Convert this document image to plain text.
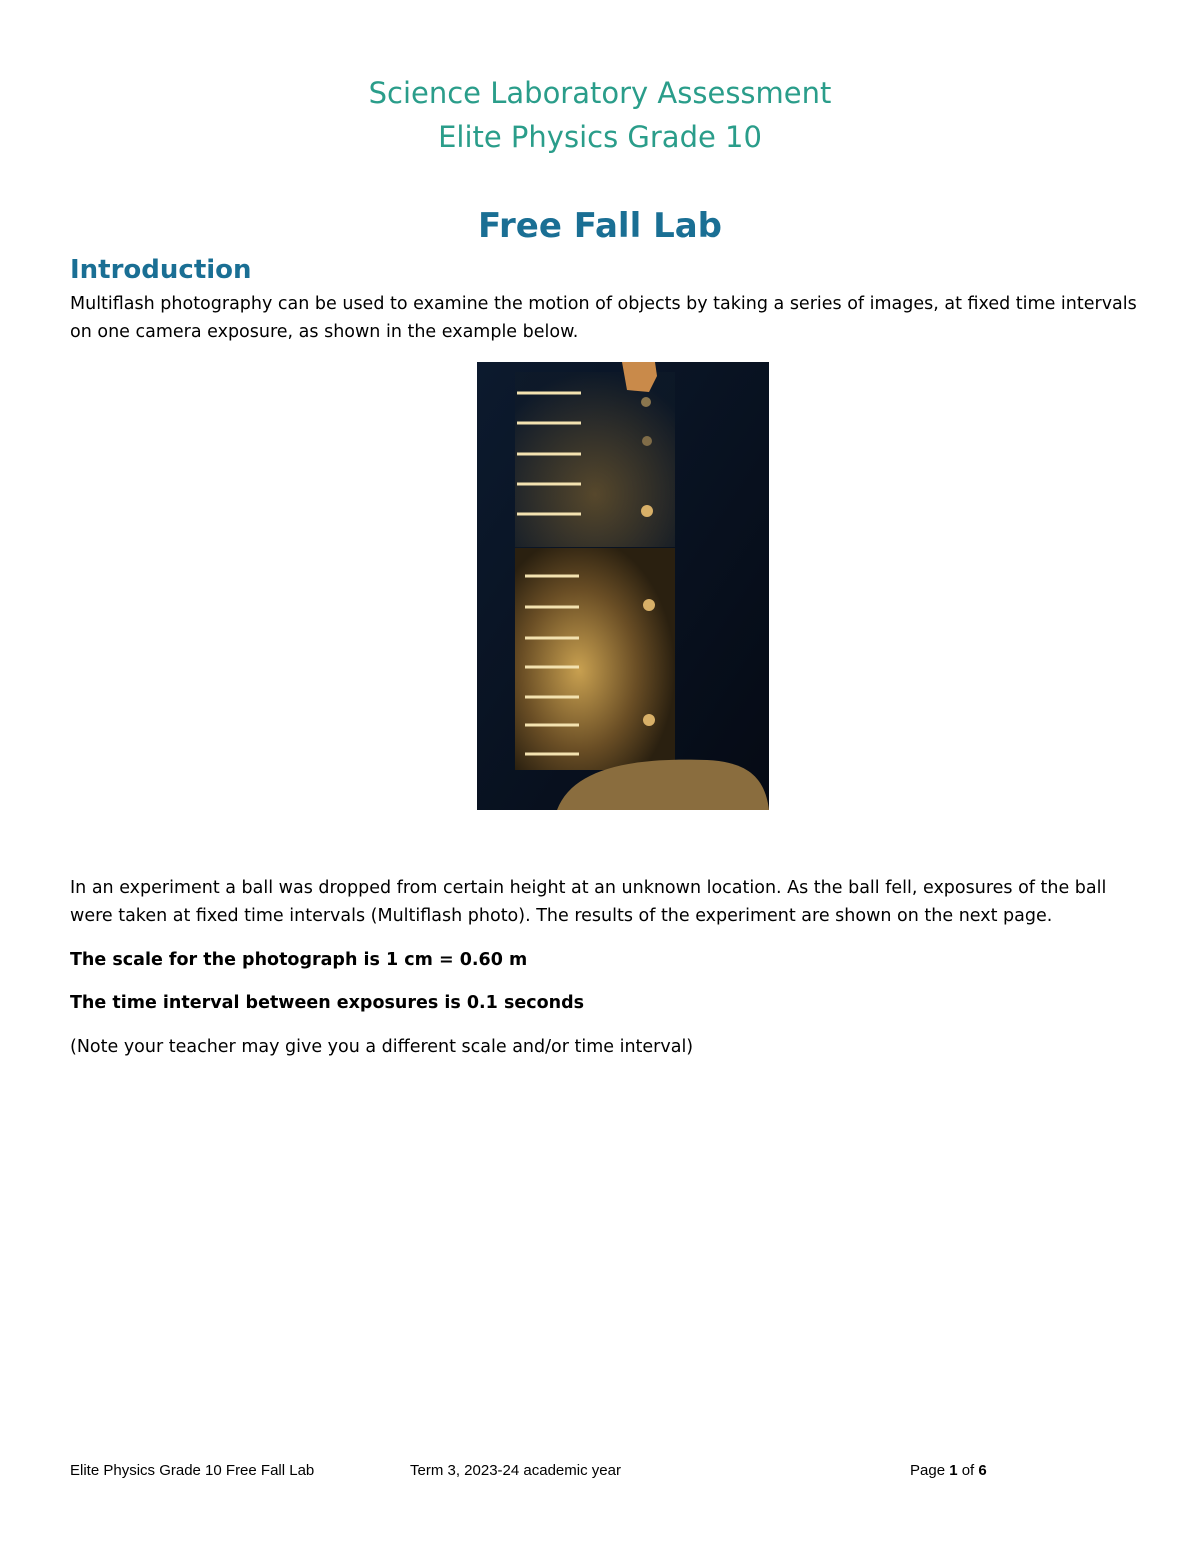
Science Laboratory Assessment
Elite Physics Grade 10
Free Fall Lab
Introduction
Multiflash photography can be used to examine the motion of objects by taking a series of images, at fixed time intervals on one camera exposure, as shown in the example below.
In an experiment a ball was dropped from certain height at an unknown location. As the ball fell, exposures of the ball were taken at fixed time intervals (Multiflash photo). The results of the experiment are shown on the next page.
The scale for the photograph is 1 cm = 0.60 m
The time interval between exposures is 0.1 seconds
(Note your teacher may give you a different scale and/or time interval)
Elite Physics Grade 10 Free Fall Lab	Term 3, 2023-24 academic year	Page 1 of 6
